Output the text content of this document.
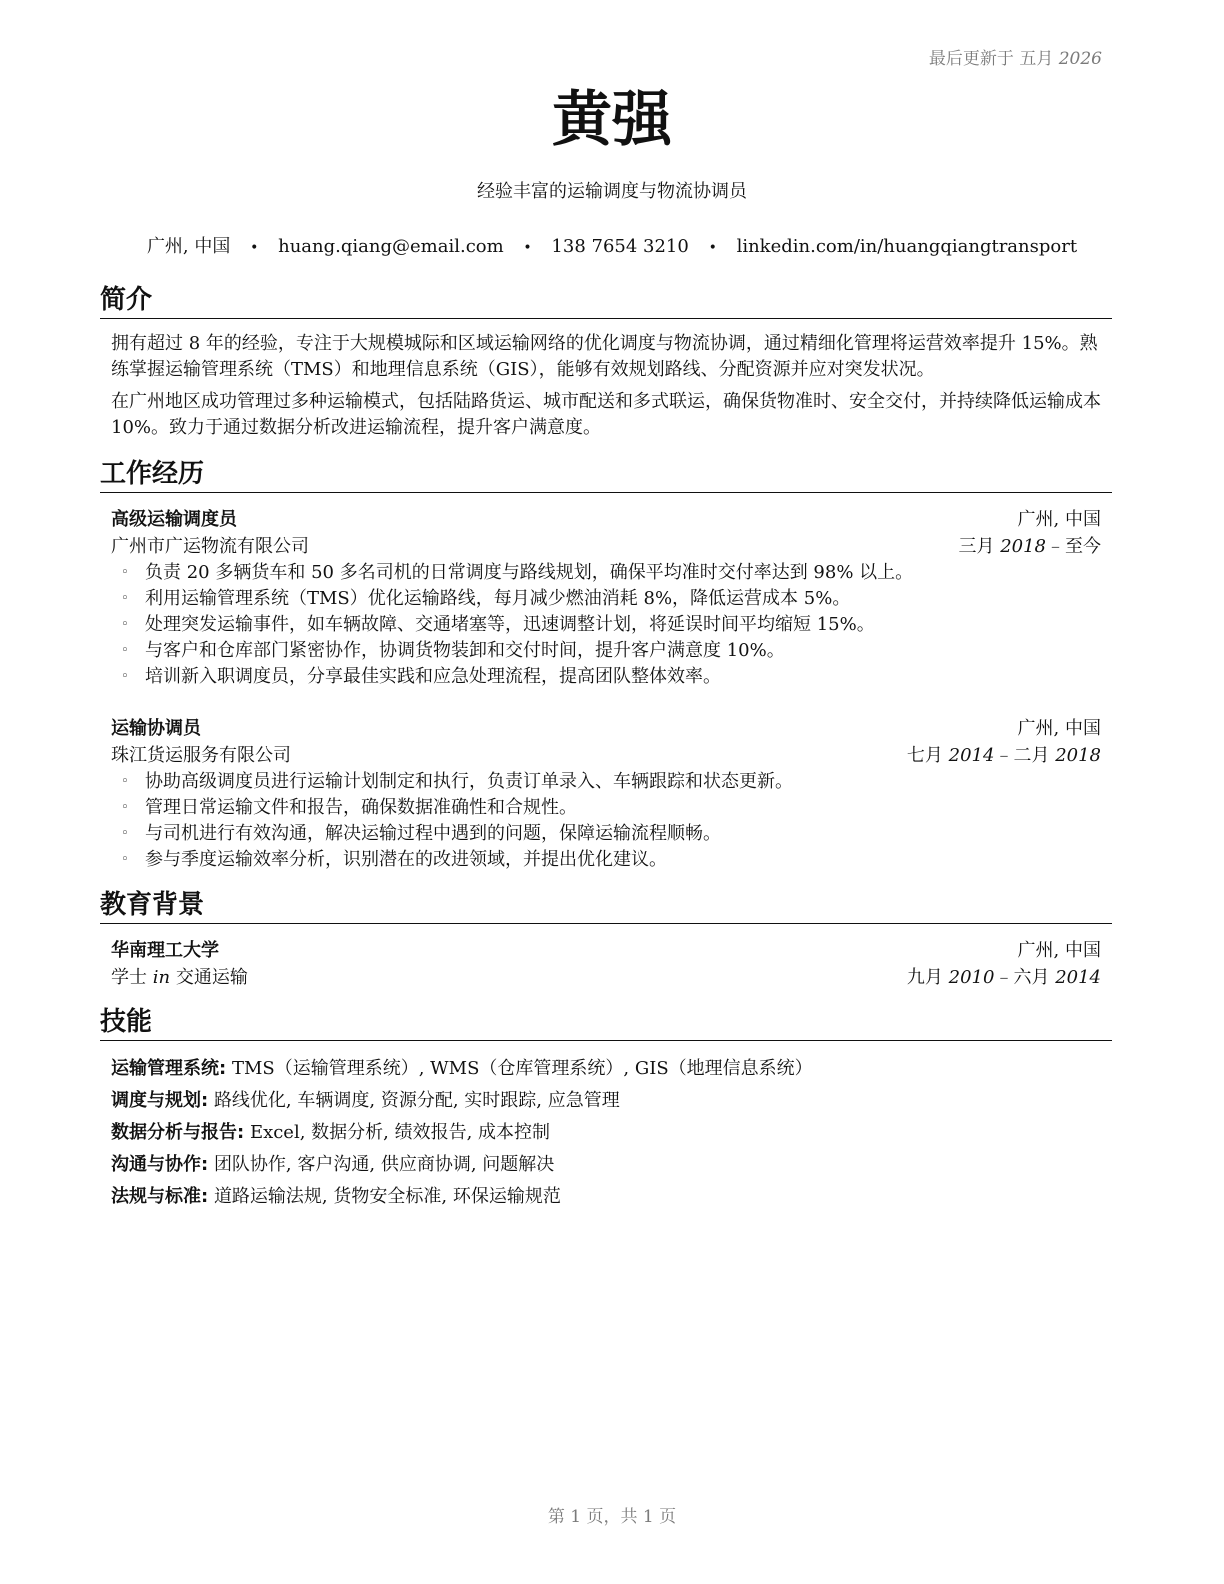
最后更新于 五月 2026
黄强
经验丰富的运输调度与物流协调员
广州, 中国 • huang.qiang@email.com • 138 7654 3210 • linkedin.com/in/huangqiangtransport
简介

拥有超过 8 年的经验，专注于大规模城际和区域运输网络的优化调度与物流协调，通过精细化管理将运营效率提升 15%。熟练掌握运输管理系统（TMS）和地理信息系统（GIS），能够有效规划路线、分配资源并应对突发状况。

在广州地区成功管理过多种运输模式，包括陆路货运、城市配送和多式联运，确保货物准时、安全交付，并持续降低运输成本 10%。致力于通过数据分析改进运输流程，提升客户满意度。

工作经历
高级运输调度员	广州, 中国
广州市广运物流有限公司	三月 2018 – 至今
◦ 负责 20 多辆货车和 50 多名司机的日常调度与路线规划，确保平均准时交付率达到 98% 以上。
◦ 利用运输管理系统（TMS）优化运输路线，每月减少燃油消耗 8%，降低运营成本 5%。
◦ 处理突发运输事件，如车辆故障、交通堵塞等，迅速调整计划，将延误时间平均缩短 15%。
◦ 与客户和仓库部门紧密协作，协调货物装卸和交付时间，提升客户满意度 10%。
◦ 培训新入职调度员，分享最佳实践和应急处理流程，提高团队整体效率。
运输协调员	广州, 中国
珠江货运服务有限公司	七月 2014 – 二月 2018
◦ 协助高级调度员进行运输计划制定和执行，负责订单录入、车辆跟踪和状态更新。
◦ 管理日常运输文件和报告，确保数据准确性和合规性。
◦ 与司机进行有效沟通，解决运输过程中遇到的问题，保障运输流程顺畅。
◦ 参与季度运输效率分析，识别潜在的改进领域，并提出优化建议。
教育背景
华南理工大学	广州, 中国
学士 in 交通运输	九月 2010 – 六月 2014
技能
运输管理系统: TMS（运输管理系统）, WMS（仓库管理系统）, GIS（地理信息系统）
调度与规划: 路线优化, 车辆调度, 资源分配, 实时跟踪, 应急管理
数据分析与报告: Excel, 数据分析, 绩效报告, 成本控制
沟通与协作: 团队协作, 客户沟通, 供应商协调, 问题解决
法规与标准: 道路运输法规, 货物安全标准, 环保运输规范
第 1 页，共 1 页
